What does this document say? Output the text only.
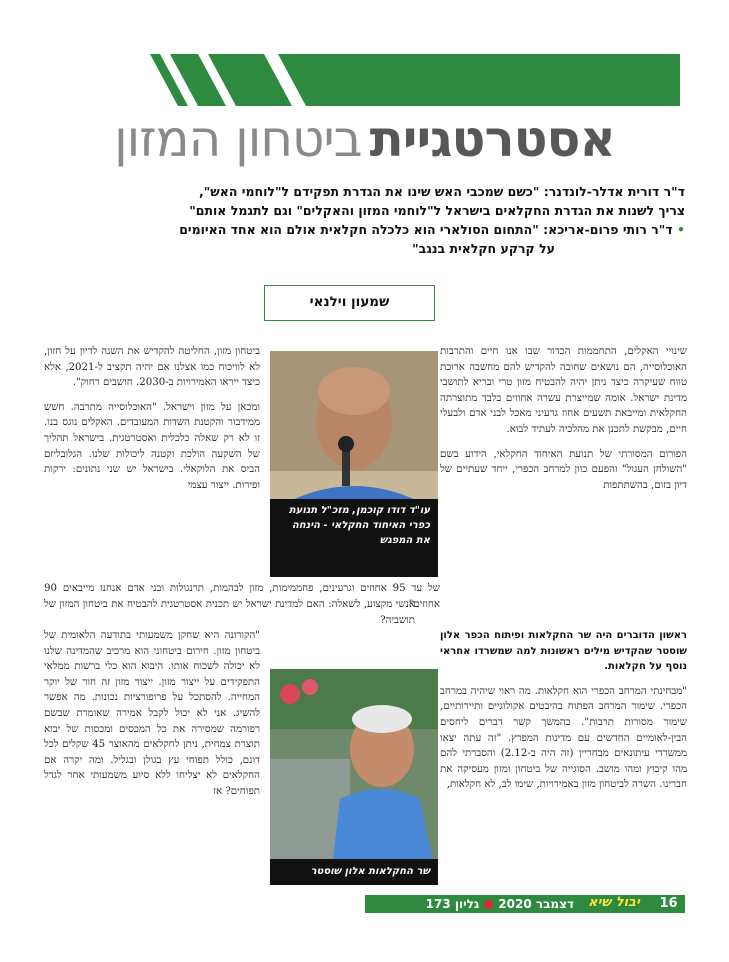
אסטרטגייתביטחון המזון

ד"ר דורית אדלר-לונדנר: "כשם שמכבי האש שינו את הגדרת תפקידם ל"לוחמי האש",

צריך לשנות את הגדרת החקלאים בישראל ל"לוחמי המזון והאקלים" וגם לתגמל אותם"

• ד"ר רותי פרום-אריכא: "התחום הסולארי הוא כלכלה חקלאית אולם הוא אחד האיומים

על קרקע חקלאית בנגב"

שמעון וילנאי

שינויי האקלים, התחממות הכדור שבו אנו חיים והתרבות האוכלוסייה, הם נושאים שחובה להקדיש להם מחשבה ארוכת טווח שעיקרה כיצד ניתן יהיה להבטיח מזון טרי ובריא לתושבי מדינת ישראל. אומה שמייצרת עשרה אחוזים בלבד מתוצרתה החקלאית ומייבאת תשעים אחוז גרעיני מאכל לבני אדם ולבעלי חיים, מבקשת לתכנן את מהלכיה לעתיד לבוא.

הפורום המסורתי של תנועת האיחוד החקלאי, הידוע בשם "השולחן העגול" והפעם כוון למרחב הכפרי, ייחד שעתיים של דיון בזום, בהשתתפות

אנשי מקצוע, לשאלה: האם למדינת ישראל יש תכנית אסטרטגית להבטיח את ביטחון המזון של תושביה?

ראשון הדוברים היה שר החקלאות ופיתוח הכפר אלון שוסטר שהקדיש מילים ראשונות למה שמשרדו אחראי נוסף על חקלאות.

"מבחינתי המרחב הכפרי הוא חקלאות. מה ראוי שיהיה במרחב הכפרי. שימור המרחב הפתוח בהיבטים אקולוגיים ותיירותיים, שימור מסורות תרבות". בהמשך קשר דברים ליחסים הבין-לאומיים החדשים עם מדינות המפרץ. "זה עתה יצאו ממשרדי עיתונאים מבחריין (זה היה ב-2.12) והסברתי להם מהו קיבוץ ומהו מושב. הסוגייה של ביטחון ומזון מעסיקה את חברינו. השרה לביטחון מזון באמירויות, שימו לב, לא חקלאות,

ביטחון מזון, החליטה להקדיש את השנה לדיון על חזון, לא לוויכוח כמו אצלנו אם יהיה תקציב ל-2021, אלא כיצד ייראו האמירויות ב-2030. חושבים רחוק".

ומכאן על מזון וישראל. "האוכלוסייה מתרבה. חשש ממידבור והקטנת השדות המעובדים. האקלים נוגס בנו. זו לא רק שאלה כלכלית ואסטרטגית. בישראל תהליך של השקעה הולכת וקטנה ליכולות שלנו. הגלובליזם הביס את הלוקאלי. בישראל יש שני נתונים: ירקות ופירות. ייצור עצמי

של עד 95 אחוזים וגרעינים, פחממימות, מזון לבהמות, תרנגולות ובני אדם אנחנו מייבאים 90 אחוזים".

"הקורונה היא שחקן משמעותי בתודעה הלאומית של ביטחון מזון. חירום ביטחוני הוא מרכיב שהמדינה שלנו לא יכולה לשכוח אותו. היבוא הוא כלי ברשות ממלאי התפקידים על ייצור מזון. ייצור מזון זה חור של יוקר המחייה. להסתכל על פרופורציות נכונות. מה אפשר להשיג. אני לא יכול לקבל אמירה שאומרת שבשם רפורמה שמסירה את כל המכסים ומכסות של יבוא תוצרת צמחית, ניתן לחקלאים מהאוצר 45 שקלים לכל דונם, כולל תפוחי עץ בגולן ובגליל. ומה יקרה אם החקלאים לא יצליחו ללא סיוע משמעותי אחר לגדל תפוחים? אז

עו"ד דודו קוכמן, מזכ"ל תנועת כפרי האיחוד החקלאי - הינחה את המפגש
שר החקלאות אלון שוסטר
16
יבול שיא
דצמבר 2020גליון 173
